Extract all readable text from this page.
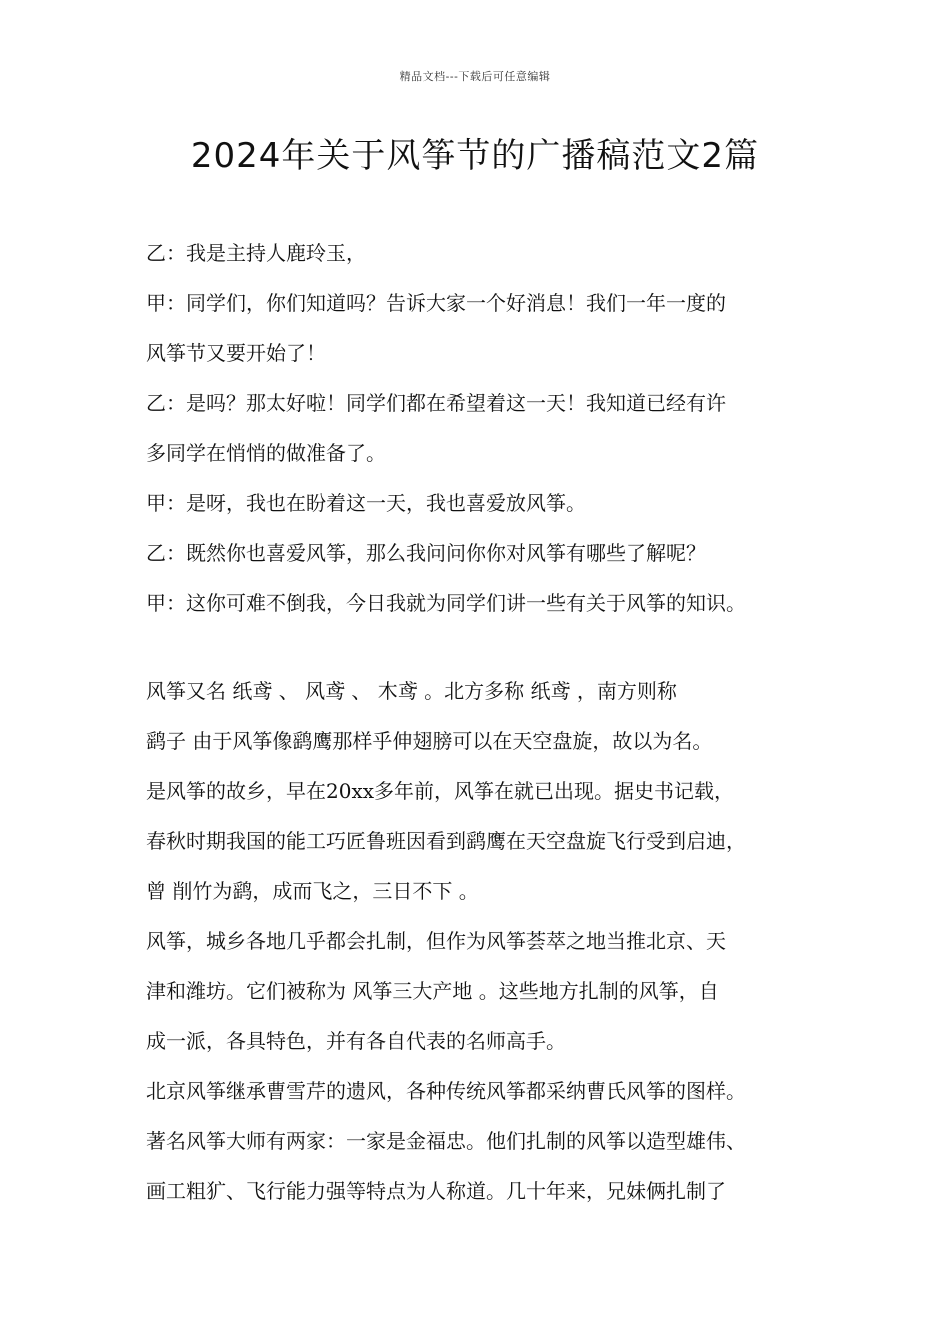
精品文档---下载后可任意编辑
2024年关于风筝节的广播稿范文2篇
乙：我是主持人鹿玲玉，
甲：同学们，你们知道吗？告诉大家一个好消息！我们一年一度的
风筝节又要开始了！
乙：是吗？那太好啦！同学们都在希望着这一天！我知道已经有许
多同学在悄悄的做准备了。
甲：是呀，我也在盼着这一天，我也喜爱放风筝。
乙：既然你也喜爱风筝，那么我问问你你对风筝有哪些了解呢？
甲：这你可难不倒我，今日我就为同学们讲一些有关于风筝的知识。
风筝又名 纸鸢 、 风鸢 、 木鸢 。北方多称 纸鸢 ，南方则称
鹞子 由于风筝像鹞鹰那样乎伸翅膀可以在天空盘旋，故以为名。
是风筝的故乡，早在20xx多年前，风筝在就已出现。据史书记载，
春秋时期我国的能工巧匠鲁班因看到鹞鹰在天空盘旋飞行受到启迪，
曾 削竹为鹞，成而飞之，三日不下 。
风筝，城乡各地几乎都会扎制，但作为风筝荟萃之地当推北京、天
津和潍坊。它们被称为 风筝三大产地 。这些地方扎制的风筝，自
成一派，各具特色，并有各自代表的名师高手。
北京风筝继承曹雪芹的遗风，各种传统风筝都采纳曹氏风筝的图样。
著名风筝大师有两家：一家是金福忠。他们扎制的风筝以造型雄伟、
画工粗犷、飞行能力强等特点为人称道。几十年来，兄妹俩扎制了
